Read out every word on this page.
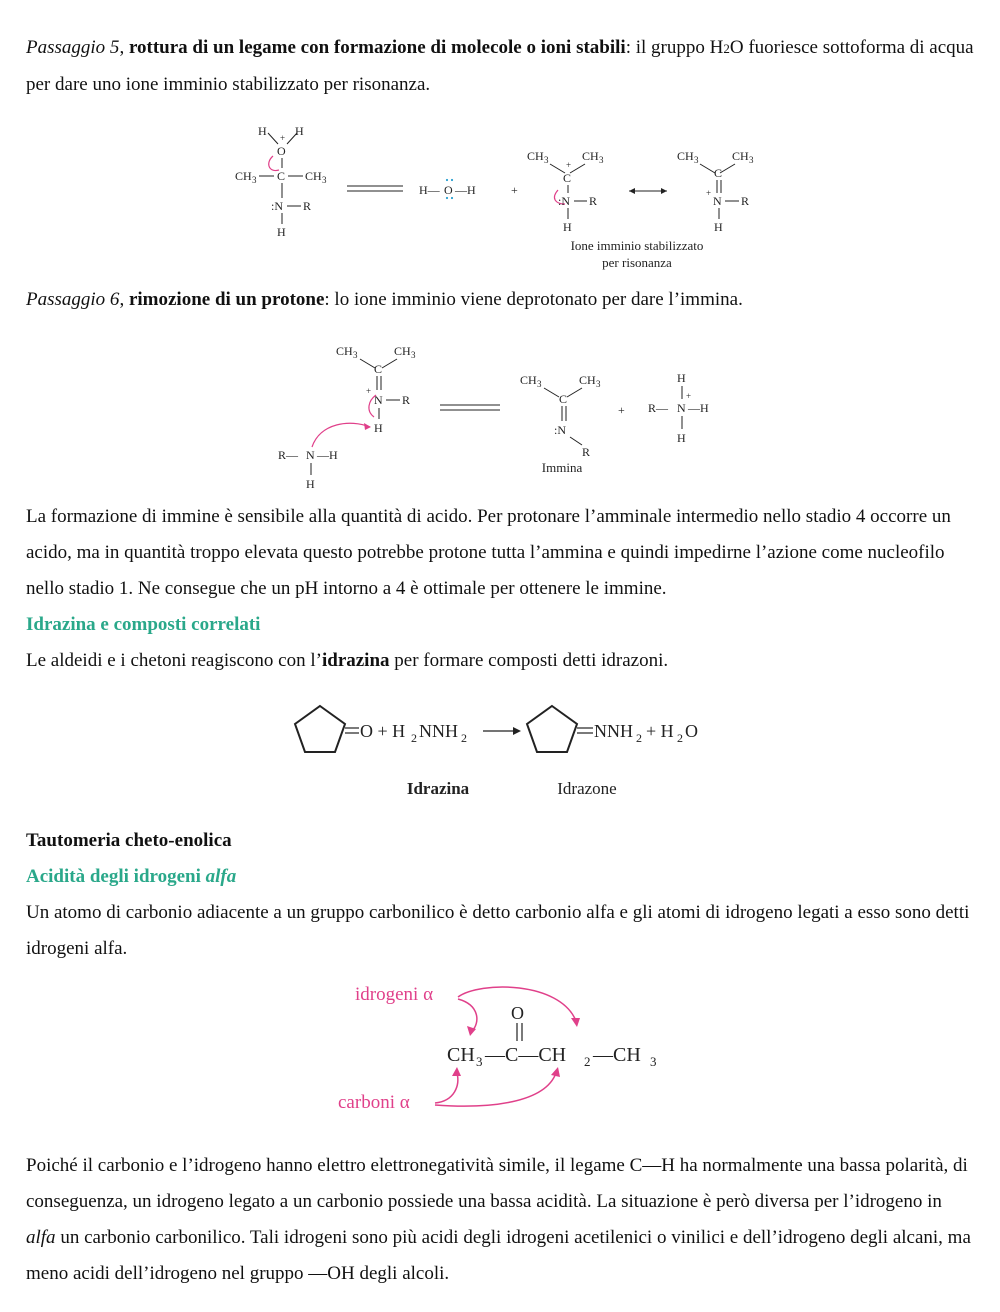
Passaggio 5, rottura di un legame con formazione di molecole o ioni stabili: il gruppo H2O fuoriesce sottoforma di acqua per dare uno ione imminio stabilizzato per risonanza.

H H
+
O
CH 3 C CH 3
:N R
H
H— O —H	+
CH 3	CH 3
+
C
:N R
H
CH 3	CH 3
C
+
N R
H
Ione imminio stabilizzato
per risonanza

Passaggio 6, rimozione di un protone: lo ione imminio viene deprotonato per dare l’immina.

CH 3	CH 3
C
+
N R
H
R— N —H
H
CH 3	CH 3
C
:N
R
Immina
+
H
+
R— N —H
H

La formazione di immine è sensibile alla quantità di acido. Per protonare l’amminale intermedio nello stadio 4 occorre un acido, ma in quantità troppo elevata questo potrebbe protone tutta l’ammina e quindi impedirne l’azione come nucleofilo nello stadio 1. Ne consegue che un pH intorno a 4 è ottimale per ottenere le immine.

Idrazina e composti correlati

Le aldeidi e i chetoni reagiscono con l’idrazina per formare composti detti idrazoni.

O + H 2 NNH 2	NNH 2 + H 2 O
Idrazina	Idrazone

Tautomeria cheto-enolica

Acidità degli idrogeni alfa

Un atomo di carbonio adiacente a un gruppo carbonilico è detto carbonio alfa e gli atomi di idrogeno legati a esso sono detti idrogeni alfa.

idrogeni α
O
CH 3 —C—CH 2 —CH 3
carboni α

Poiché il carbonio e l’idrogeno hanno elettro elettronegatività simile, il legame C—H ha normalmente una bassa polarità, di conseguenza, un idrogeno legato a un carbonio possiede una bassa acidità. La situazione è però diversa per l’idrogeno in alfa un carbonio carbonilico. Tali idrogeni sono più acidi degli idrogeni acetilenici o vinilici e dell’idrogeno degli alcani, ma meno acidi dell’idrogeno nel gruppo —OH degli alcoli.
